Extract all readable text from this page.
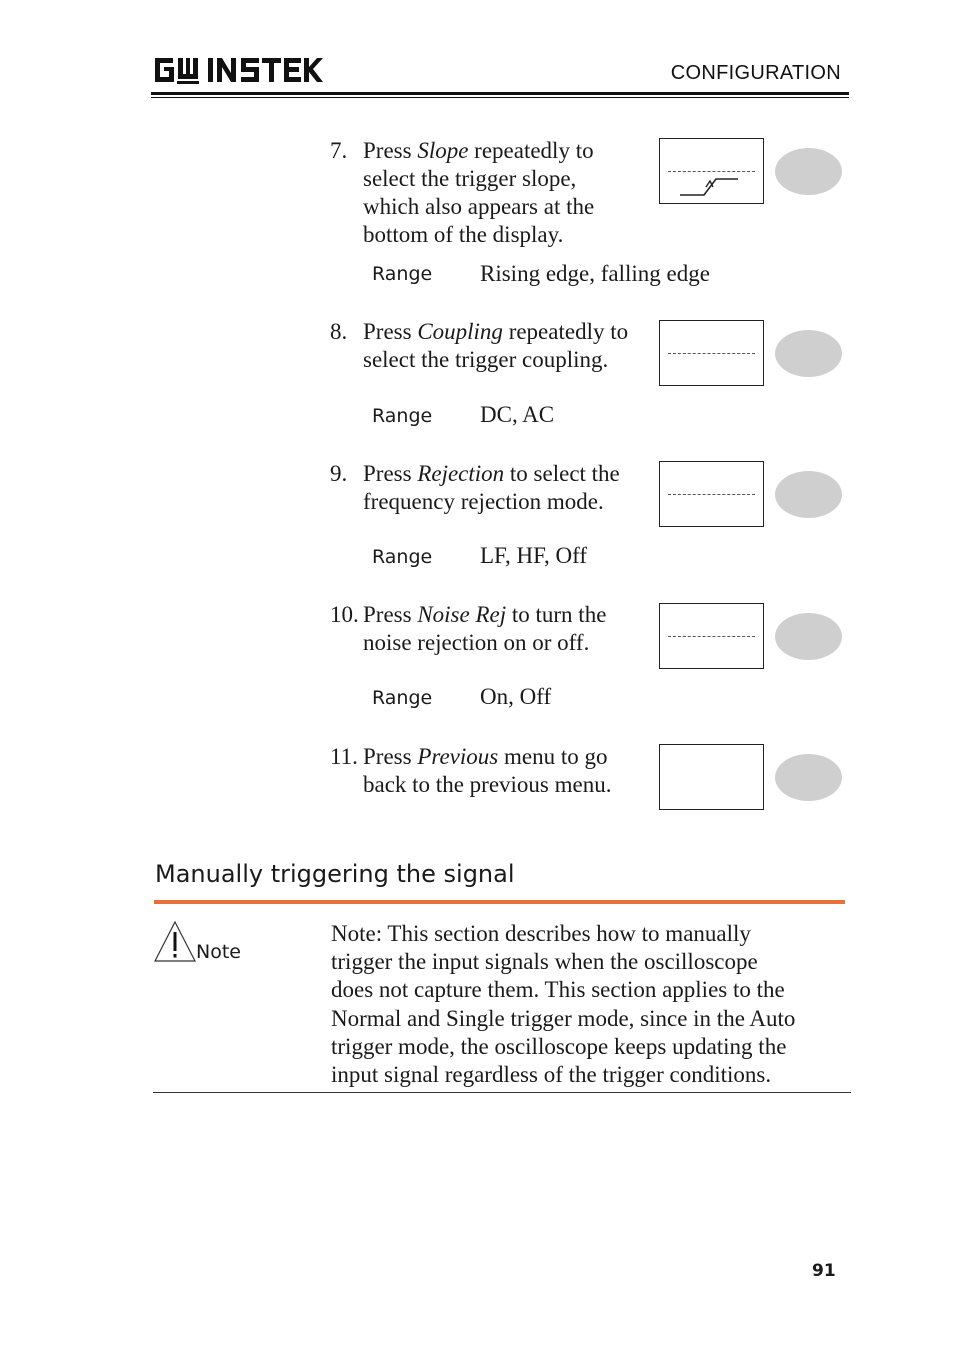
CONFIGURATION
7. Press Slope repeatedly to
select the trigger slope,
which also appears at the
bottom of the display.
Range Rising edge, falling edge
8. Press Coupling repeatedly to
select the trigger coupling.
Range DC, AC
9. Press Rejection to select the
frequency rejection mode.
Range LF, HF, Off
10. Press Noise Rej to turn the
noise rejection on or off.
Range On, Off
11. Press Previous menu to go
back to the previous menu.
Manually triggering the signal
Note
Note: This section describes how to manually
trigger the input signals when the oscilloscope
does not capture them. This section applies to the
Normal and Single trigger mode, since in the Auto
trigger mode, the oscilloscope keeps updating the
input signal regardless of the trigger conditions.
91
